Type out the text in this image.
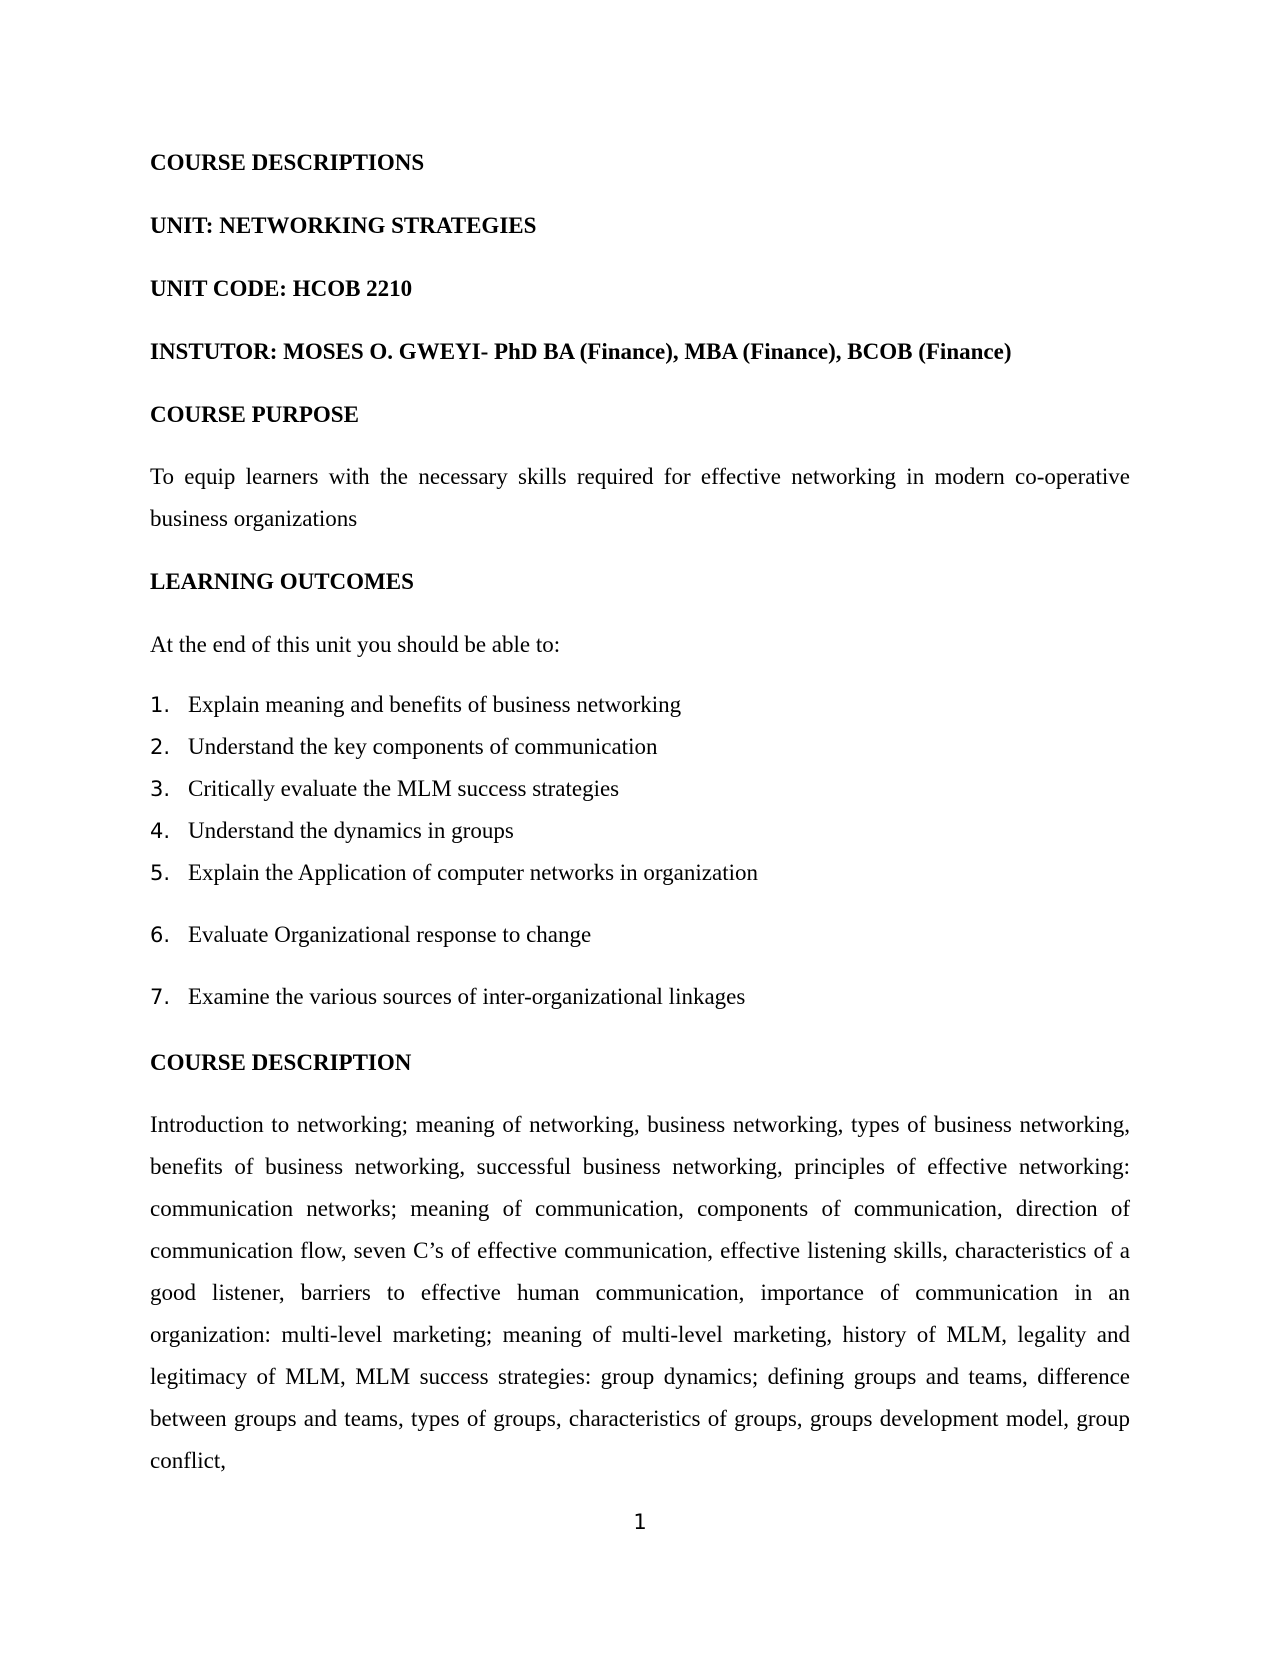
COURSE DESCRIPTIONS
UNIT: NETWORKING STRATEGIES
UNIT CODE: HCOB 2210
INSTUTOR: MOSES O. GWEYI- PhD BA (Finance), MBA (Finance), BCOB (Finance)
COURSE PURPOSE
To equip learners with the necessary skills required for effective networking in modern co-operative business organizations
LEARNING OUTCOMES
At the end of this unit you should be able to:
1. Explain meaning and benefits of business networking
2. Understand the key components of communication
3. Critically evaluate the MLM success strategies
4. Understand the dynamics in groups
5. Explain the Application of computer networks in organization
6. Evaluate Organizational response to change
7. Examine the various sources of inter-organizational linkages
COURSE DESCRIPTION
Introduction to networking; meaning of networking, business networking, types of business networking, benefits of business networking, successful business networking, principles of effective networking: communication networks; meaning of communication, components of communication, direction of communication flow, seven C’s of effective communication, effective listening skills, characteristics of a good listener, barriers to effective human communication, importance of communication in an organization: multi-level marketing; meaning of multi-level marketing, history of MLM, legality and legitimacy of MLM, MLM success strategies: group dynamics; defining groups and teams, difference between groups and teams, types of groups, characteristics of groups, groups development model, group conflict,
1
